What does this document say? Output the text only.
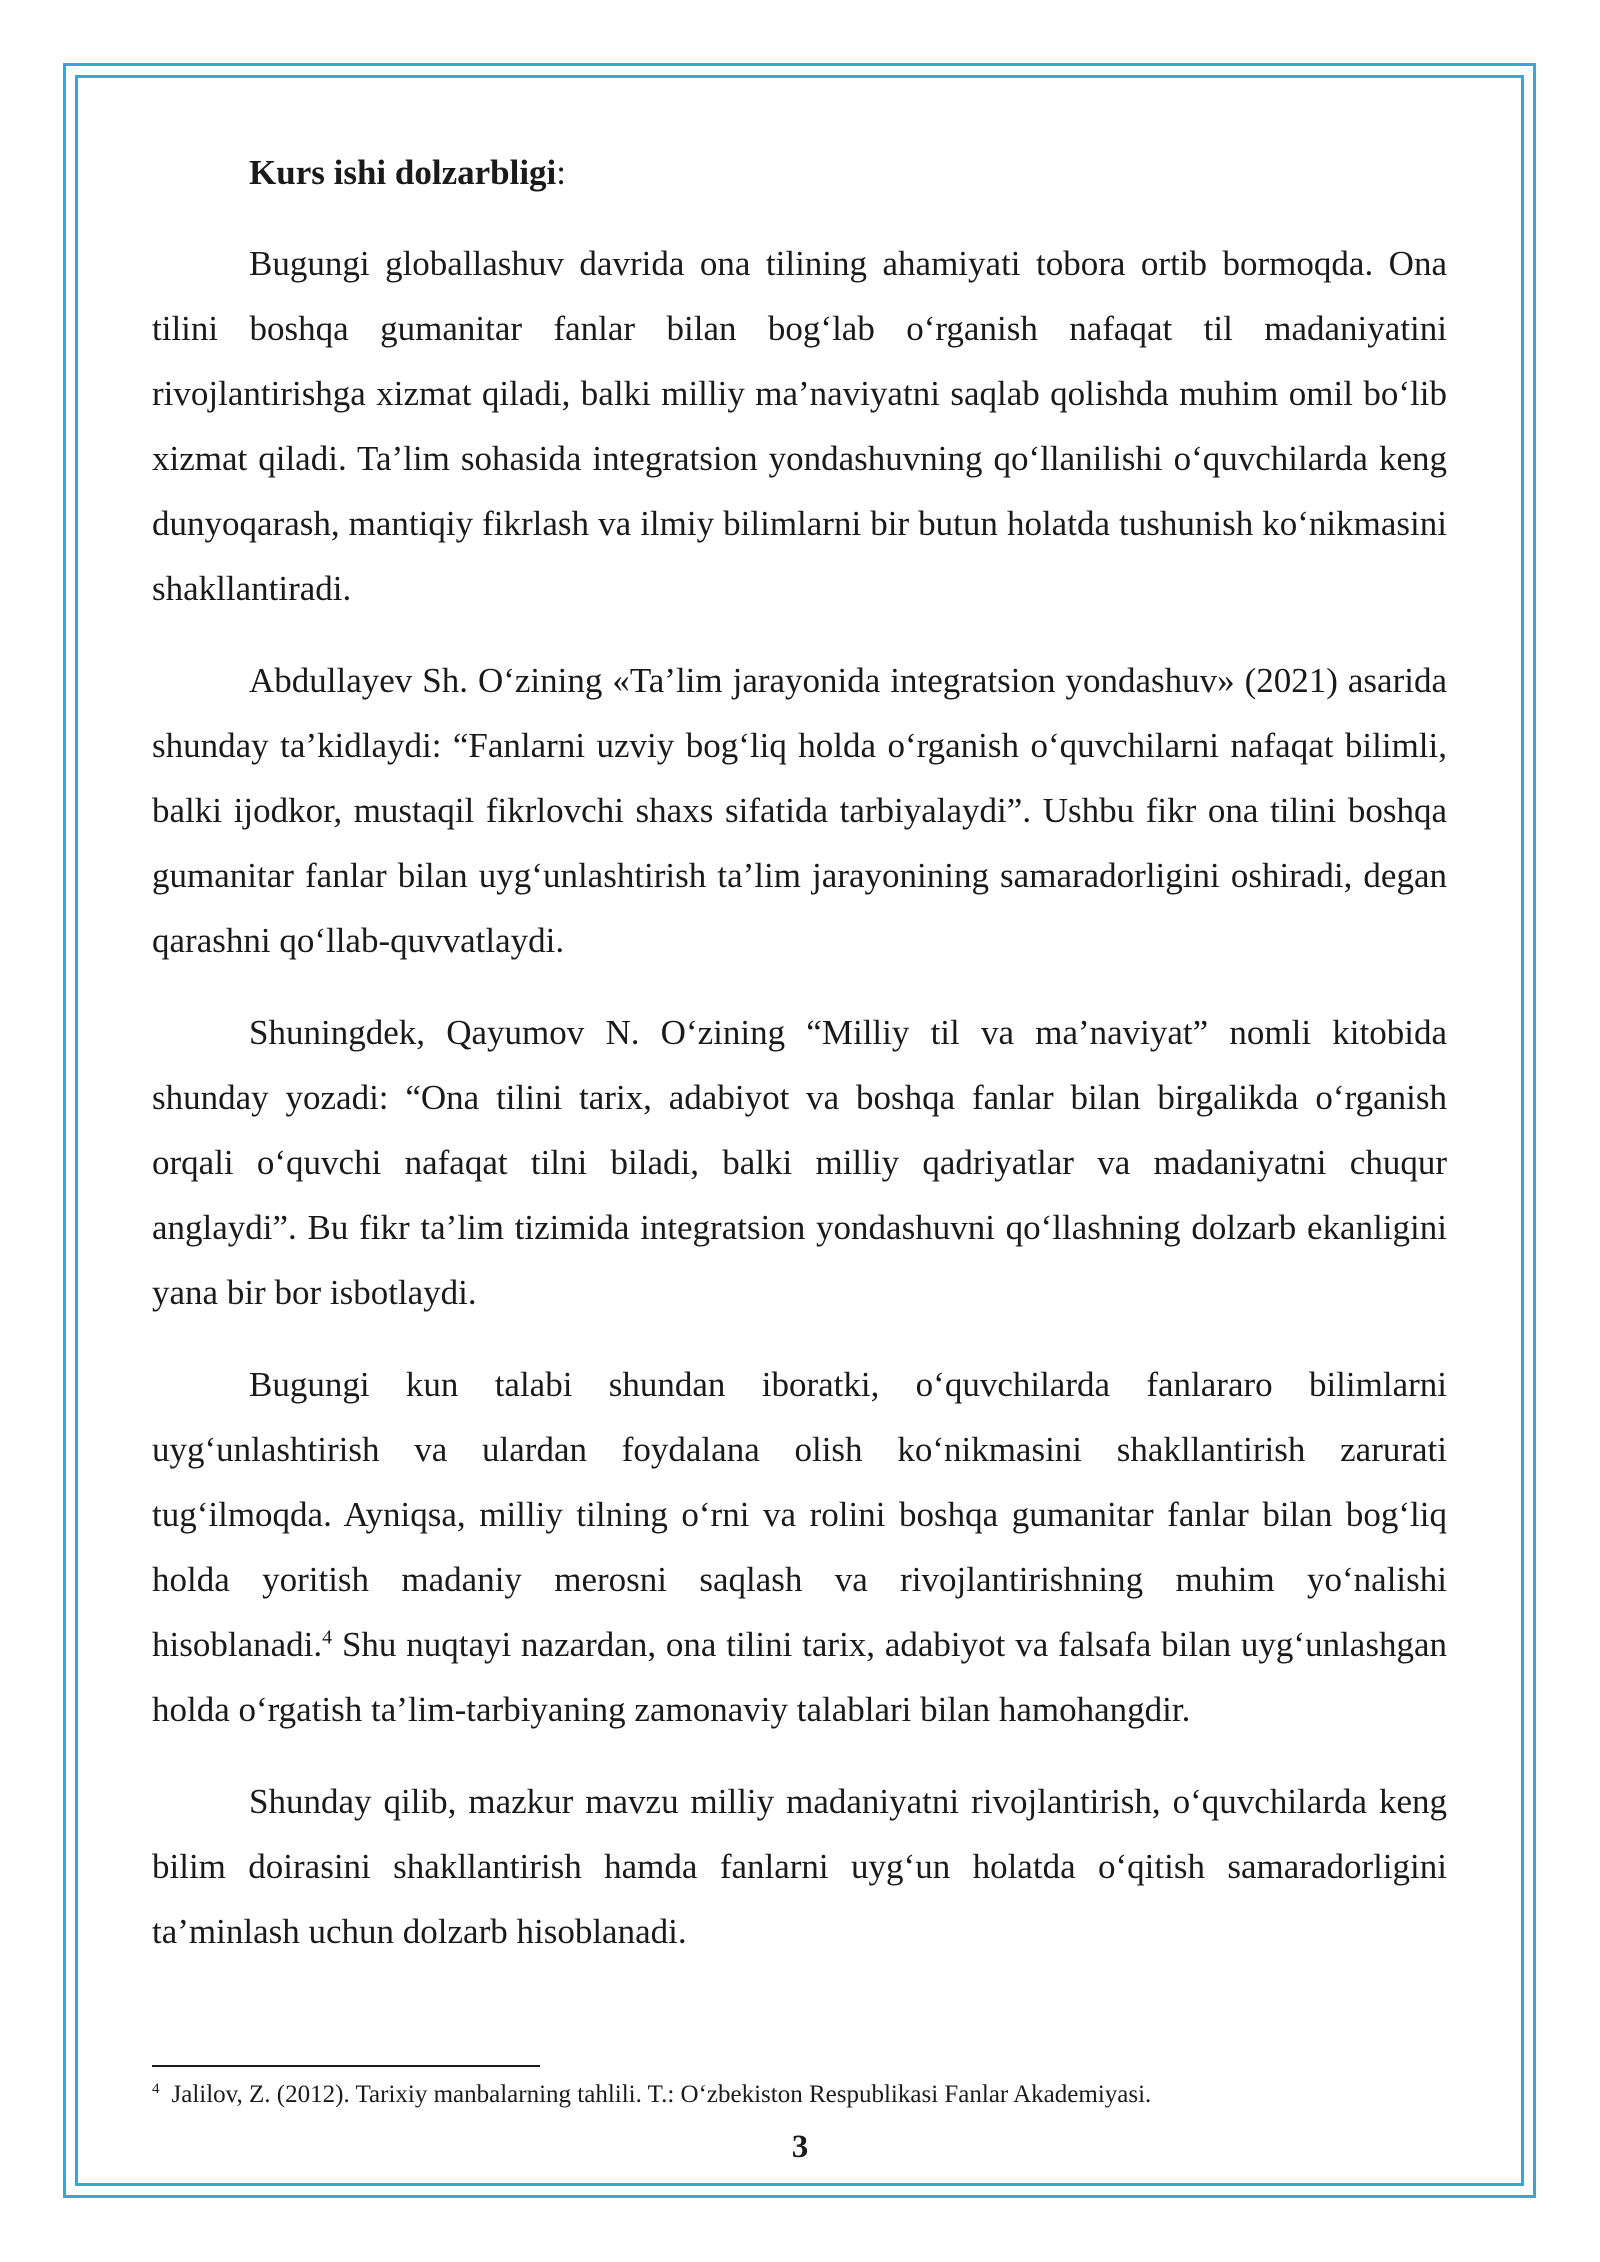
Kurs ishi dolzarbligi:

Bugungi globallashuv davrida ona tilining ahamiyati tobora ortib bormoqda. Ona tilini boshqa gumanitar fanlar bilan bog‘lab o‘rganish nafaqat til madaniyatini rivojlantirishga xizmat qiladi, balki milliy ma’naviyatni saqlab qolishda muhim omil bo‘lib xizmat qiladi. Ta’lim sohasida integratsion yondashuvning qo‘llanilishi o‘quvchilarda keng dunyoqarash, mantiqiy fikrlash va ilmiy bilimlarni bir butun holatda tushunish ko‘nikmasini shakllantiradi.

Abdullayev Sh. O‘zining «Ta’lim jarayonida integratsion yondashuv» (2021) asarida shunday ta’kidlaydi: “Fanlarni uzviy bog‘liq holda o‘rganish o‘quvchilarni nafaqat bilimli, balki ijodkor, mustaqil fikrlovchi shaxs sifatida tarbiyalaydi”. Ushbu fikr ona tilini boshqa gumanitar fanlar bilan uyg‘unlashtirish ta’lim jarayonining samaradorligini oshiradi, degan qarashni qo‘llab-quvvatlaydi.

Shuningdek, Qayumov N. O‘zining “Milliy til va ma’naviyat” nomli kitobida shunday yozadi: “Ona tilini tarix, adabiyot va boshqa fanlar bilan birgalikda o‘rganish orqali o‘quvchi nafaqat tilni biladi, balki milliy qadriyatlar va madaniyatni chuqur anglaydi”. Bu fikr ta’lim tizimida integratsion yondashuvni qo‘llashning dolzarb ekanligini yana bir bor isbotlaydi.

Bugungi kun talabi shundan iboratki, o‘quvchilarda fanlararo bilimlarni uyg‘unlashtirish va ulardan foydalana olish ko‘nikmasini shakllantirish zarurati tug‘ilmoqda. Ayniqsa, milliy tilning o‘rni va rolini boshqa gumanitar fanlar bilan bog‘liq holda yoritish madaniy merosni saqlash va rivojlantirishning muhim yo‘nalishi hisoblanadi.$^4$ Shu nuqtayi nazardan, ona tilini tarix, adabiyot va falsafa bilan uyg‘unlashgan holda o‘rgatish ta’lim-tarbiyaning zamonaviy talablari bilan hamohangdir.

Shunday qilib, mazkur mavzu milliy madaniyatni rivojlantirish, o‘quvchilarda keng bilim doirasini shakllantirish hamda fanlarni uyg‘un holatda o‘qitish samaradorligini ta’minlash uchun dolzarb hisoblanadi.

$^4$ Jalilov, Z. (2012). Tarixiy manbalarning tahlili. T.: O‘zbekiston Respublikasi Fanlar Akademiyasi.
3
